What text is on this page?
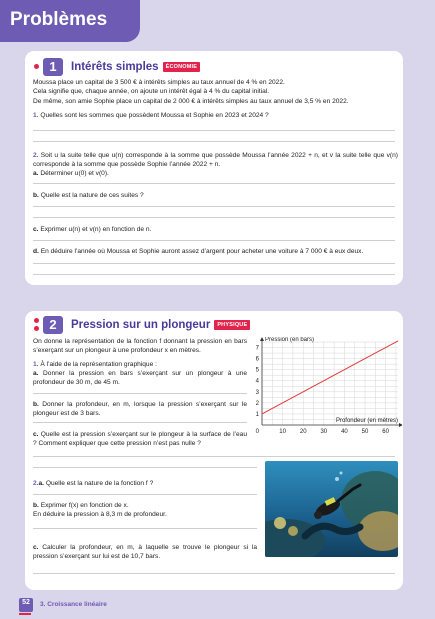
Problèmes
1	Intérêts simples	ÉCONOMIE
Moussa place un capital de 3 500 € à intérêts simples au taux annuel de 4 % en 2022.
Cela signifie que, chaque année, on ajoute un intérêt égal à 4 % du capital initial.
De même, son amie Sophie place un capital de 2 000 € à intérêts simples au taux annuel de 3,5 % en 2022.
1. Quelles sont les sommes que possèdent Moussa et Sophie en 2023 et 2024 ?
2. Soit u la suite telle que u(n) corresponde à la somme que possède Moussa l’année 2022 + n, et v la suite telle que v(n) corresponde à la somme que possède Sophie l’année 2022 + n.
a. Déterminer u(0) et v(0).
b. Quelle est la nature de ces suites ?
c. Exprimer u(n) et v(n) en fonction de n.
d. En déduire l’année où Moussa et Sophie auront assez d’argent pour acheter une voiture à 7 000 € à eux deux.
2	Pression sur un plongeur	PHYSIQUE
On donne la représentation de la fonction f donnant la pression en bars s’exerçant sur un plongeur à une profondeur x en mètres.
1. À l’aide de la représentation graphique :
a. Donner la pression en bars s’exerçant sur un plongeur à une profondeur de 30 m, de 45 m.
b. Donner la profondeur, en m, lorsque la pression s’exerçant sur le plongeur est de 3 bars.
c. Quelle est la pression s’exerçant sur le plongeur à la surface de l’eau ? Comment expliquer que cette pression n’est pas nulle ?
10 20 30 40 50 60
1
2
3
4
5
6
7
0
Pression (en bars)
Profondeur (en mètres)
2.a. Quelle est la nature de la fonction f ?
b. Exprimer f(x) en fonction de x.
En déduire la pression à 8,3 m de profondeur.
c. Calculer la profondeur, en m, à laquelle se trouve le plongeur si la pression s’exerçant sur lui est de 10,7 bars.
52	3. Croissance linéaire
